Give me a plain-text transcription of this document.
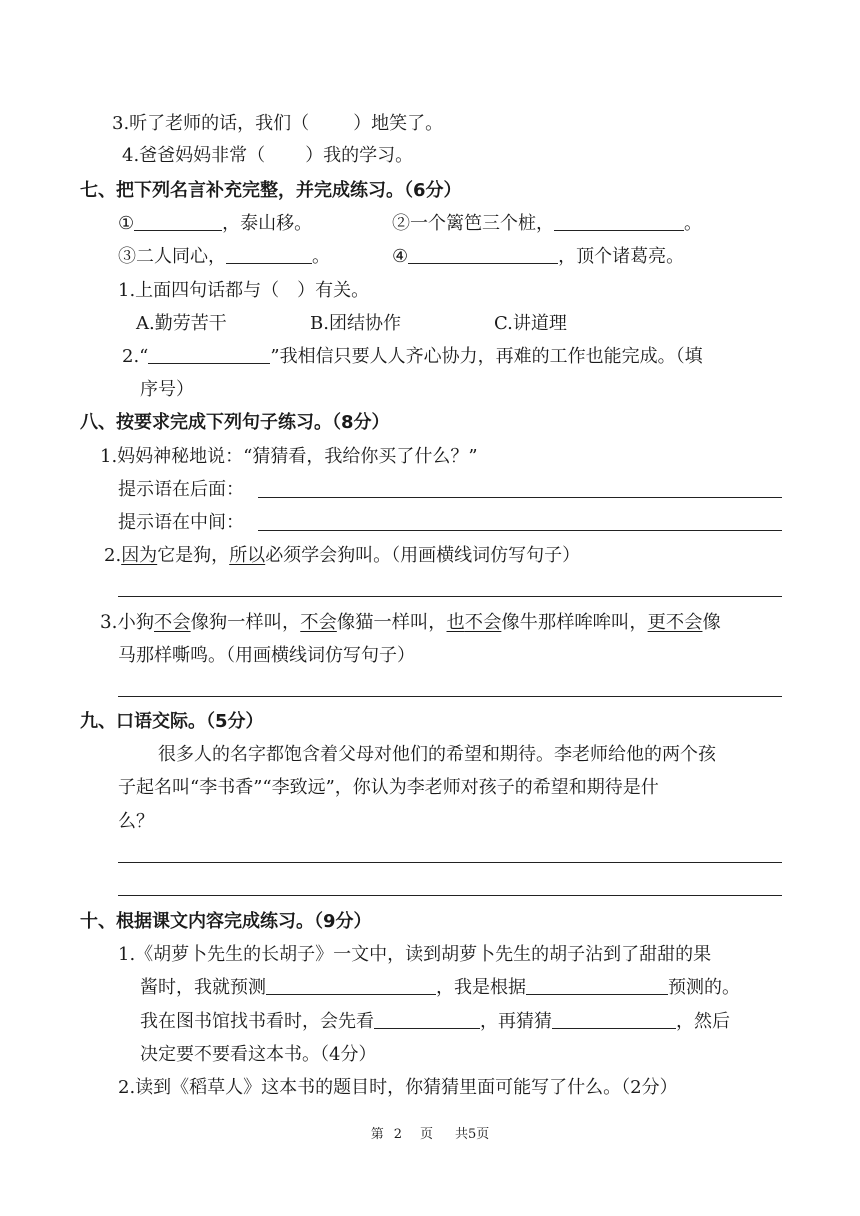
3.听了老师的话，我们（ ）地笑了。
4.爸爸妈妈非常（ ）我的学习。
七、把下列名言补充完整，并完成练习。（6分）
①	，泰山移。	②一个篱笆三个桩，	。
③二人同心，	。	④	，顶个诸葛亮。
1.上面四句话都与（　）有关。
A.勤劳苦干	B.团结协作	C.讲道理
2.“	”我相信只要人人齐心协力，再难的工作也能完成。（填
序号）
八、按要求完成下列句子练习。（8分）
1.妈妈神秘地说：“猜猜看，我给你买了什么？”
提示语在后面：
提示语在中间：
2.因为它是狗，所以必须学会狗叫。（用画横线词仿写句子）
3.小狗不会像狗一样叫，不会像猫一样叫，也不会像牛那样哞哞叫，更不会像
马那样嘶鸣。（用画横线词仿写句子）
九、口语交际。（5分）
很多人的名字都饱含着父母对他们的希望和期待。李老师给他的两个孩
子起名叫“李书香”“李致远”，你认为李老师对孩子的希望和期待是什
么？
十、根据课文内容完成练习。（9分）
1.《胡萝卜先生的长胡子》一文中，读到胡萝卜先生的胡子沾到了甜甜的果
酱时，我就预测	，我是根据	预测的。
我在图书馆找书看时，会先看	，再猜猜	，然后
决定要不要看这本书。（4分）
2.读到《稻草人》这本书的题目时，你猜猜里面可能写了什么。（2分）
第 2 页 共5页
